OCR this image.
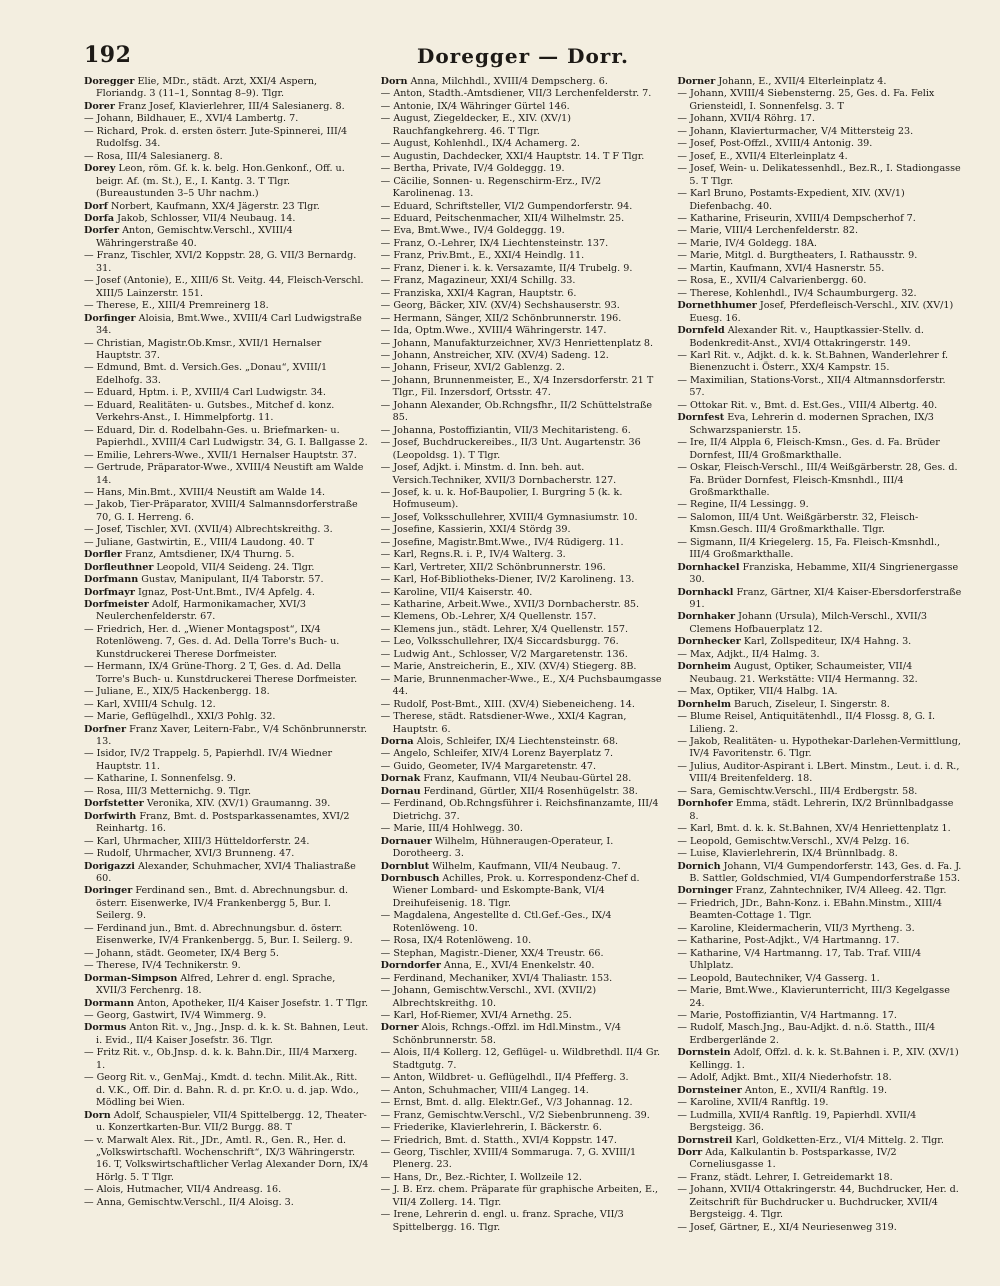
192	Doregger — Dorr.
Doregger Elie, MDr., städt. Arzt, XXI/4 Aspern, Floriandg. 3 (11–1, Sonntag 8–9). Tlgr.
Dorer Franz Josef, Klavierlehrer, III/4 Salesianerg. 8.
— Johann, Bildhauer, E., XVI/4 Lambertg. 7.
— Richard, Prok. d. ersten österr. Jute-Spinnerei, III/4 Rudolfsg. 34.
— Rosa, III/4 Salesianerg. 8.
Dorey Leon, röm. Gf. k. k. belg. Hon.Genkonf., Off. u. beigr. Af. (m. St.), E., I. Kantg. 3. T Tlgr. (Bureaustunden 3–5 Uhr nachm.)
Dorf Norbert, Kaufmann, XX/4 Jägerstr. 23 Tlgr.
Dorfa Jakob, Schlosser, VII/4 Neubaug. 14.
Dorfer Anton, Gemischtw.Verschl., XVIII/4 Währingerstraße 40.
— Franz, Tischler, XVI/2 Koppstr. 28, G. VII/3 Bernardg. 31.
— Josef (Antonie), E., XIII/6 St. Veitg. 44, Fleisch-Verschl. XIII/5 Lainzerstr. 151.
— Therese, E., XIII/4 Premreinerg 18.
Dorfinger Aloisia, Bmt.Wwe., XVIII/4 Carl Ludwigstraße 34.
— Christian, Magistr.Ob.Kmsr., XVII/1 Hernalser Hauptstr. 37.
— Edmund, Bmt. d. Versich.Ges. „Donau“, XVIII/1 Edelhofg. 33.
— Eduard, Hptm. i. P., XVIII/4 Carl Ludwigstr. 34.
— Eduard, Realitäten- u. Gutsbes., Mitchef d. konz. Verkehrs-Anst., I. Himmelpfortg. 11.
— Eduard, Dir. d. Rodelbahn-Ges. u. Briefmarken- u. Papierhdl., XVIII/4 Carl Ludwigstr. 34, G. I. Ballgasse 2.
— Emilie, Lehrers-Wwe., XVII/1 Hernalser Hauptstr. 37.
— Gertrude, Präparator-Wwe., XVIII/4 Neustift am Walde 14.
— Hans, Min.Bmt., XVIII/4 Neustift am Walde 14.
— Jakob, Tier-Präparator, XVIII/4 Salmannsdorferstraße 70, G. I. Herreng. 6.
— Josef, Tischler, XVI. (XVII/4) Albrechtskreithg. 3.
— Juliane, Gastwirtin, E., VIII/4 Laudong. 40. T
Dorfler Franz, Amtsdiener, IX/4 Thurng. 5.
Dorfleuthner Leopold, VII/4 Seideng. 24. Tlgr.
Dorfmann Gustav, Manipulant, II/4 Taborstr. 57.
Dorfmayr Ignaz, Post-Unt.Bmt., IV/4 Apfelg. 4.
Dorfmeister Adolf, Harmonikamacher, XVI/3 Neulerchenfelderstr. 67.
— Friedrich, Her. d. „Wiener Montagspost“, IX/4 Rotenlöweng. 7, Ges. d. Ad. Della Torre's Buch- u. Kunstdruckerei Therese Dorfmeister.
— Hermann, IX/4 Grüne-Thorg. 2 T, Ges. d. Ad. Della Torre's Buch- u. Kunstdruckerei Therese Dorfmeister.
— Juliane, E., XIX/5 Hackenbergg. 18.
— Karl, XVIII/4 Schulg. 12.
— Marie, Geflügelhdl., XXI/3 Pohlg. 32.
Dorfner Franz Xaver, Leitern-Fabr., V/4 Schönbrunnerstr. 13.
— Isidor, IV/2 Trappelg. 5, Papierhdl. IV/4 Wiedner Hauptstr. 11.
— Katharine, I. Sonnenfelsg. 9.
— Rosa, III/3 Metternichg. 9. Tlgr.
Dorfstetter Veronika, XIV. (XV/1) Graumanng. 39.
Dorfwirth Franz, Bmt. d. Postsparkassenamtes, XVI/2 Reinhartg. 16.
— Karl, Uhrmacher, XIII/3 Hütteldorferstr. 24.
— Rudolf, Uhrmacher, XVI/3 Brunneng. 47.
Dorigazzi Alexander, Schuhmacher, XVI/4 Thaliastraße 60.
Doringer Ferdinand sen., Bmt. d. Abrechnungsbur. d. österr. Eisenwerke, IV/4 Frankenbergg 5, Bur. I. Seilerg. 9.
— Ferdinand jun., Bmt. d. Abrechnungsbur. d. österr. Eisenwerke, IV/4 Frankenbergg. 5, Bur. I. Seilerg. 9.
— Johann, städt. Geometer, IX/4 Berg 5.
— Therese, IV/4 Technikerstr. 9.
Dorman-Simpson Alfred, Lehrer d. engl. Sprache, XVII/3 Ferchenrg. 18.
Dormann Anton, Apotheker, II/4 Kaiser Josefstr. 1. T Tlgr.
— Georg, Gastwirt, IV/4 Wimmerg. 9.
Dormus Anton Rit. v., Jng., Jnsp. d. k. k. St. Bahnen, Leut. i. Evid., II/4 Kaiser Josefstr. 36. Tlgr.
— Fritz Rit. v., Ob.Jnsp. d. k. k. Bahn.Dir., III/4 Marxerg. 1.
— Georg Rit. v., GenMaj., Kmdt. d. techn. Milit.Ak., Ritt. d. V.K., Off. Dir. d. Bahn. R. d. pr. Kr.O. u. d. jap. Wdo., Mödling bei Wien.
Dorn Adolf, Schauspieler, VII/4 Spittelbergg. 12, Theater- u. Konzertkarten-Bur. VII/2 Burgg. 88. T
— v. Marwalt Alex. Rit., JDr., Amtl. R., Gen. R., Her. d. „Volkswirtschaftl. Wochenschrift“, IX/3 Währingerstr. 16. T, Volkswirtschaftlicher Verlag Alexander Dorn, IX/4 Hörlg. 5. T Tlgr.
— Alois, Hutmacher, VII/4 Andreasg. 16.
— Anna, Gemischtw.Verschl., II/4 Aloisg. 3.
Dorn Anna, Milchhdl., XVIII/4 Dempscherg. 6.
— Anton, Stadth.-Amtsdiener, VII/3 Lerchenfelderstr. 7.
— Antonie, IX/4 Währinger Gürtel 146.
— August, Ziegeldecker, E., XIV. (XV/1) Rauchfangkehrerg. 46. T Tlgr.
— August, Kohlenhdl., IX/4 Achamerg. 2.
— Augustin, Dachdecker, XXI/4 Hauptstr. 14. T F Tlgr.
— Bertha, Private, IV/4 Goldeggg. 19.
— Cäcilie, Sonnen- u. Regenschirm-Erz., IV/2 Karolinenag. 13.
— Eduard, Schriftsteller, VI/2 Gumpendorferstr. 94.
— Eduard, Peitschenmacher, XII/4 Wilhelmstr. 25.
— Eva, Bmt.Wwe., IV/4 Goldeggg. 19.
— Franz, O.-Lehrer, IX/4 Liechtensteinstr. 137.
— Franz, Priv.Bmt., E., XXI/4 Heindlg. 11.
— Franz, Diener i. k. k. Versazamte, II/4 Trubelg. 9.
— Franz, Magazineur, XXI/4 Schillg. 33.
— Franziska, XXI/4 Kagran, Hauptstr. 6.
— Georg, Bäcker, XIV. (XV/4) Sechshauserstr. 93.
— Hermann, Sänger, XII/2 Schönbrunnerstr. 196.
— Ida, Optm.Wwe., XVIII/4 Währingerstr. 147.
— Johann, Manufakturzeichner, XV/3 Henriettenplatz 8.
— Johann, Anstreicher, XIV. (XV/4) Sadeng. 12.
— Johann, Friseur, XVI/2 Gablenzg. 2.
— Johann, Brunnenmeister, E., X/4 Inzersdorferstr. 21 T Tlgr., Fil. Inzersdorf, Ortsstr. 47.
— Johann Alexander, Ob.Rchngsfhr., II/2 Schüttelstraße 85.
— Johanna, Postoffiziantin, VII/3 Mechitaristeng. 6.
— Josef, Buchdruckereibes., II/3 Unt. Augartenstr. 36 (Leopoldsg. 1). T Tlgr.
— Josef, Adjkt. i. Minstm. d. Inn. beh. aut. Versich.Techniker, XVII/3 Dornbacherstr. 127.
— Josef, k. u. k. Hof-Baupolier, I. Burgring 5 (k. k. Hofmuseum).
— Josef, Volksschullehrer, XVIII/4 Gymnasiumstr. 10.
— Josefine, Kassierin, XXI/4 Stördg 39.
— Josefine, Magistr.Bmt.Wwe., IV/4 Rüdigerg. 11.
— Karl, Regns.R. i. P., IV/4 Walterg. 3.
— Karl, Vertreter, XII/2 Schönbrunnerstr. 196.
— Karl, Hof-Bibliotheks-Diener, IV/2 Karolineng. 13.
— Karoline, VII/4 Kaiserstr. 40.
— Katharine, Arbeit.Wwe., XVII/3 Dornbacherstr. 85.
— Klemens, Ob.-Lehrer, X/4 Quellenstr. 157.
— Klemens jun., städt. Lehrer, X/4 Quellenstr. 157.
— Leo, Volksschullehrer, IX/4 Siccardsburgg. 76.
— Ludwig Ant., Schlosser, V/2 Margaretenstr. 136.
— Marie, Anstreicherin, E., XIV. (XV/4) Stiegerg. 8B.
— Marie, Brunnenmacher-Wwe., E., X/4 Puchsbaumgasse 44.
— Rudolf, Post-Bmt., XIII. (XV/4) Siebeneicheng. 14.
— Therese, städt. Ratsdiener-Wwe., XXI/4 Kagran, Hauptstr. 6.
Dorna Alois, Schleifer, IX/4 Liechtensteinstr. 68.
— Angelo, Schleifer, XIV/4 Lorenz Bayerplatz 7.
— Guido, Geometer, IV/4 Margaretenstr. 47.
Dornak Franz, Kaufmann, VII/4 Neubau-Gürtel 28.
Dornau Ferdinand, Gürtler, XII/4 Rosenhügelstr. 38.
— Ferdinand, Ob.Rchngsführer i. Reichsfinanzamte, III/4 Dietrichg. 37.
— Marie, III/4 Hohlwegg. 30.
Dornauer Wilhelm, Hühneraugen-Operateur, I. Dorotheerg. 3.
Dornblut Wilhelm, Kaufmann, VII/4 Neubaug. 7.
Dornbusch Achilles, Prok. u. Korrespondenz-Chef d. Wiener Lombard- und Eskompte-Bank, VI/4 Dreihufeisenig. 18. Tlgr.
— Magdalena, Angestellte d. Ctl.Gef.-Ges., IX/4 Rotenlöweng. 10.
— Rosa, IX/4 Rotenlöweng. 10.
— Stephan, Magistr.-Diener, XX/4 Treustr. 66.
Dorndorfer Anna, E., XVI/4 Enenkelstr. 40.
— Ferdinand, Mechaniker, XVI/4 Thaliastr. 153.
— Johann, Gemischtw.Verschl., XVI. (XVII/2) Albrechtskreithg. 10.
— Karl, Hof-Riemer, XVI/4 Arnethg. 25.
Dorner Alois, Rchngs.-Offzl. im Hdl.Minstm., V/4 Schönbrunnerstr. 58.
— Alois, II/4 Kollerg. 12, Geflügel- u. Wildbrethdl. II/4 Gr. Stadtgutg. 7.
— Anton, Wildbret- u. Geflügelhdl., II/4 Pfefferg. 3.
— Anton, Schuhmacher, VIII/4 Langeg. 14.
— Ernst, Bmt. d. allg. Elektr.Gef., V/3 Johannag. 12.
— Franz, Gemischtw.Verschl., V/2 Siebenbrunneng. 39.
— Friederike, Klavierlehrerin, I. Bäckerstr. 6.
— Friedrich, Bmt. d. Statth., XVI/4 Koppstr. 147.
— Georg, Tischler, XVIII/4 Sommaruga. 7, G. XVIII/1 Plenerg. 23.
— Hans, Dr., Bez.-Richter, I. Wollzeile 12.
— J. B. Erz. chem. Präparate für graphische Arbeiten, E., VII/4 Zollerg. 14. Tlgr.
— Irene, Lehrerin d. engl. u. franz. Sprache, VII/3 Spittelbergg. 16. Tlgr.
Dorner Johann, E., XVII/4 Elterleinplatz 4.
— Johann, XVIII/4 Siebensterng. 25, Ges. d. Fa. Felix Griensteidl, I. Sonnenfelsg. 3. T
— Johann, XVII/4 Röhrg. 17.
— Johann, Klavierturmacher, V/4 Mittersteig 23.
— Josef, Post-Offzl., XVIII/4 Antonig. 39.
— Josef, E., XVII/4 Elterleinplatz 4.
— Josef, Wein- u. Delikatessenhdl., Bez.R., I. Stadiongasse 5. T Tlgr.
— Karl Bruno, Postamts-Expedient, XIV. (XV/1) Diefenbachg. 40.
— Katharine, Friseurin, XVIII/4 Dempscherhof 7.
— Marie, VIII/4 Lerchenfelderstr. 82.
— Marie, IV/4 Goldegg. 18A.
— Marie, Mitgl. d. Burgtheaters, I. Rathausstr. 9.
— Martin, Kaufmann, XVI/4 Hasnerstr. 55.
— Rosa, E., XVII/4 Calvarienbergg. 60.
— Therese, Kohlenhdl., IV/4 Schaumburgerg. 32.
Dornethhumer Josef, Pferdefleisch-Verschl., XIV. (XV/1) Euesg. 16.
Dornfeld Alexander Rit. v., Hauptkassier-Stellv. d. Bodenkredit-Anst., XVI/4 Ottakringerstr. 149.
— Karl Rit. v., Adjkt. d. k. k. St.Bahnen, Wanderlehrer f. Bienenzucht i. Österr., XX/4 Kampstr. 15.
— Maximilian, Stations-Vorst., XII/4 Altmannsdorferstr. 57.
— Ottokar Rit. v., Bmt. d. Est.Ges., VIII/4 Albertg. 40.
Dornfest Eva, Lehrerin d. modernen Sprachen, IX/3 Schwarzspanierstr. 15.
— Ire, II/4 Alppla 6, Fleisch-Kmsn., Ges. d. Fa. Brüder Dornfest, III/4 Großmarkthalle.
— Oskar, Fleisch-Verschl., III/4 Weißgärberstr. 28, Ges. d. Fa. Brüder Dornfest, Fleisch-Kmsnhdl., III/4 Großmarkthalle.
— Regine, II/4 Lessingg. 9.
— Salomon, III/4 Unt. Weißgärberstr. 32, Fleisch-Kmsn.Gesch. III/4 Großmarkthalle. Tlgr.
— Sigmann, II/4 Kriegelerg. 15, Fa. Fleisch-Kmsnhdl., III/4 Großmarkthalle.
Dornhackel Franziska, Hebamme, XII/4 Singrienergasse 30.
Dornhackl Franz, Gärtner, XI/4 Kaiser-Ebersdorferstraße 91.
Dornhaker Johann (Ursula), Milch-Verschl., XVII/3 Clemens Hofbauerplatz 12.
Dornhecker Karl, Zollspediteur, IX/4 Hahng. 3.
— Max, Adjkt., II/4 Halmg. 3.
Dornheim August, Optiker, Schaumeister, VII/4 Neubaug. 21. Werkstätte: VII/4 Hermanng. 32.
— Max, Optiker, VII/4 Halbg. 1A.
Dornhelm Baruch, Ziseleur, I. Singerstr. 8.
— Blume Reisel, Antiquitätenhdl., II/4 Flossg. 8, G. I. Lilieng. 2.
— Jakob, Realitäten- u. Hypothekar-Darlehen-Vermittlung, IV/4 Favoritenstr. 6. Tlgr.
— Julius, Auditor-Aspirant i. LBert. Minstm., Leut. i. d. R., VIII/4 Breitenfelderg. 18.
— Sara, Gemischtw.Verschl., III/4 Erdbergstr. 58.
Dornhofer Emma, städt. Lehrerin, IX/2 Brünnlbadgasse 8.
— Karl, Bmt. d. k. k. St.Bahnen, XV/4 Henriettenplatz 1.
— Leopold, Gemischtw.Verschl., XV/4 Pelzg. 16.
— Luise, Klavierlehrerin, IX/4 Brünnlbadg. 8.
Dornich Johann, VI/4 Gumpendorferstr. 143, Ges. d. Fa. J. B. Sattler, Goldschmied, VI/4 Gumpendorferstraße 153.
Dorninger Franz, Zahntechniker, IV/4 Alleeg. 42. Tlgr.
— Friedrich, JDr., Bahn-Konz. i. EBahn.Minstm., XIII/4 Beamten-Cottage 1. Tlgr.
— Karoline, Kleidermacherin, VII/3 Myrtheng. 3.
— Katharine, Post-Adjkt., V/4 Hartmanng. 17.
— Katharine, V/4 Hartmanng. 17, Tab. Traf. VIII/4 Uhlplatz.
— Leopold, Bautechniker, V/4 Gasserg. 1.
— Marie, Bmt.Wwe., Klavierunterricht, III/3 Kegelgasse 24.
— Marie, Postoffiziantin, V/4 Hartmanng. 17.
— Rudolf, Masch.Jng., Bau-Adjkt. d. n.ö. Statth., III/4 Erdbergerlände 2.
Dornstein Adolf, Offzl. d. k. k. St.Bahnen i. P., XIV. (XV/1) Kellingg. 1.
— Adolf, Adjkt. Bmt., XII/4 Niederhofstr. 18.
Dornsteiner Anton, E., XVII/4 Ranftlg. 19.
— Karoline, XVII/4 Ranftlg. 19.
— Ludmilla, XVII/4 Ranftlg. 19, Papierhdl. XVII/4 Bergsteigg. 36.
Dornstreil Karl, Goldketten-Erz., VI/4 Mittelg. 2. Tlgr.
Dorr Ada, Kalkulantin b. Postsparkasse, IV/2 Corneliusgasse 1.
— Franz, städt. Lehrer, I. Getreidemarkt 18.
— Johann, XVII/4 Ottakringerstr. 44, Buchdrucker, Her. d. Zeitschrift für Buchdrucker u. Buchdrucker, XVII/4 Bergsteigg. 4. Tlgr.
— Josef, Gärtner, E., XI/4 Neuriesenweg 319.
